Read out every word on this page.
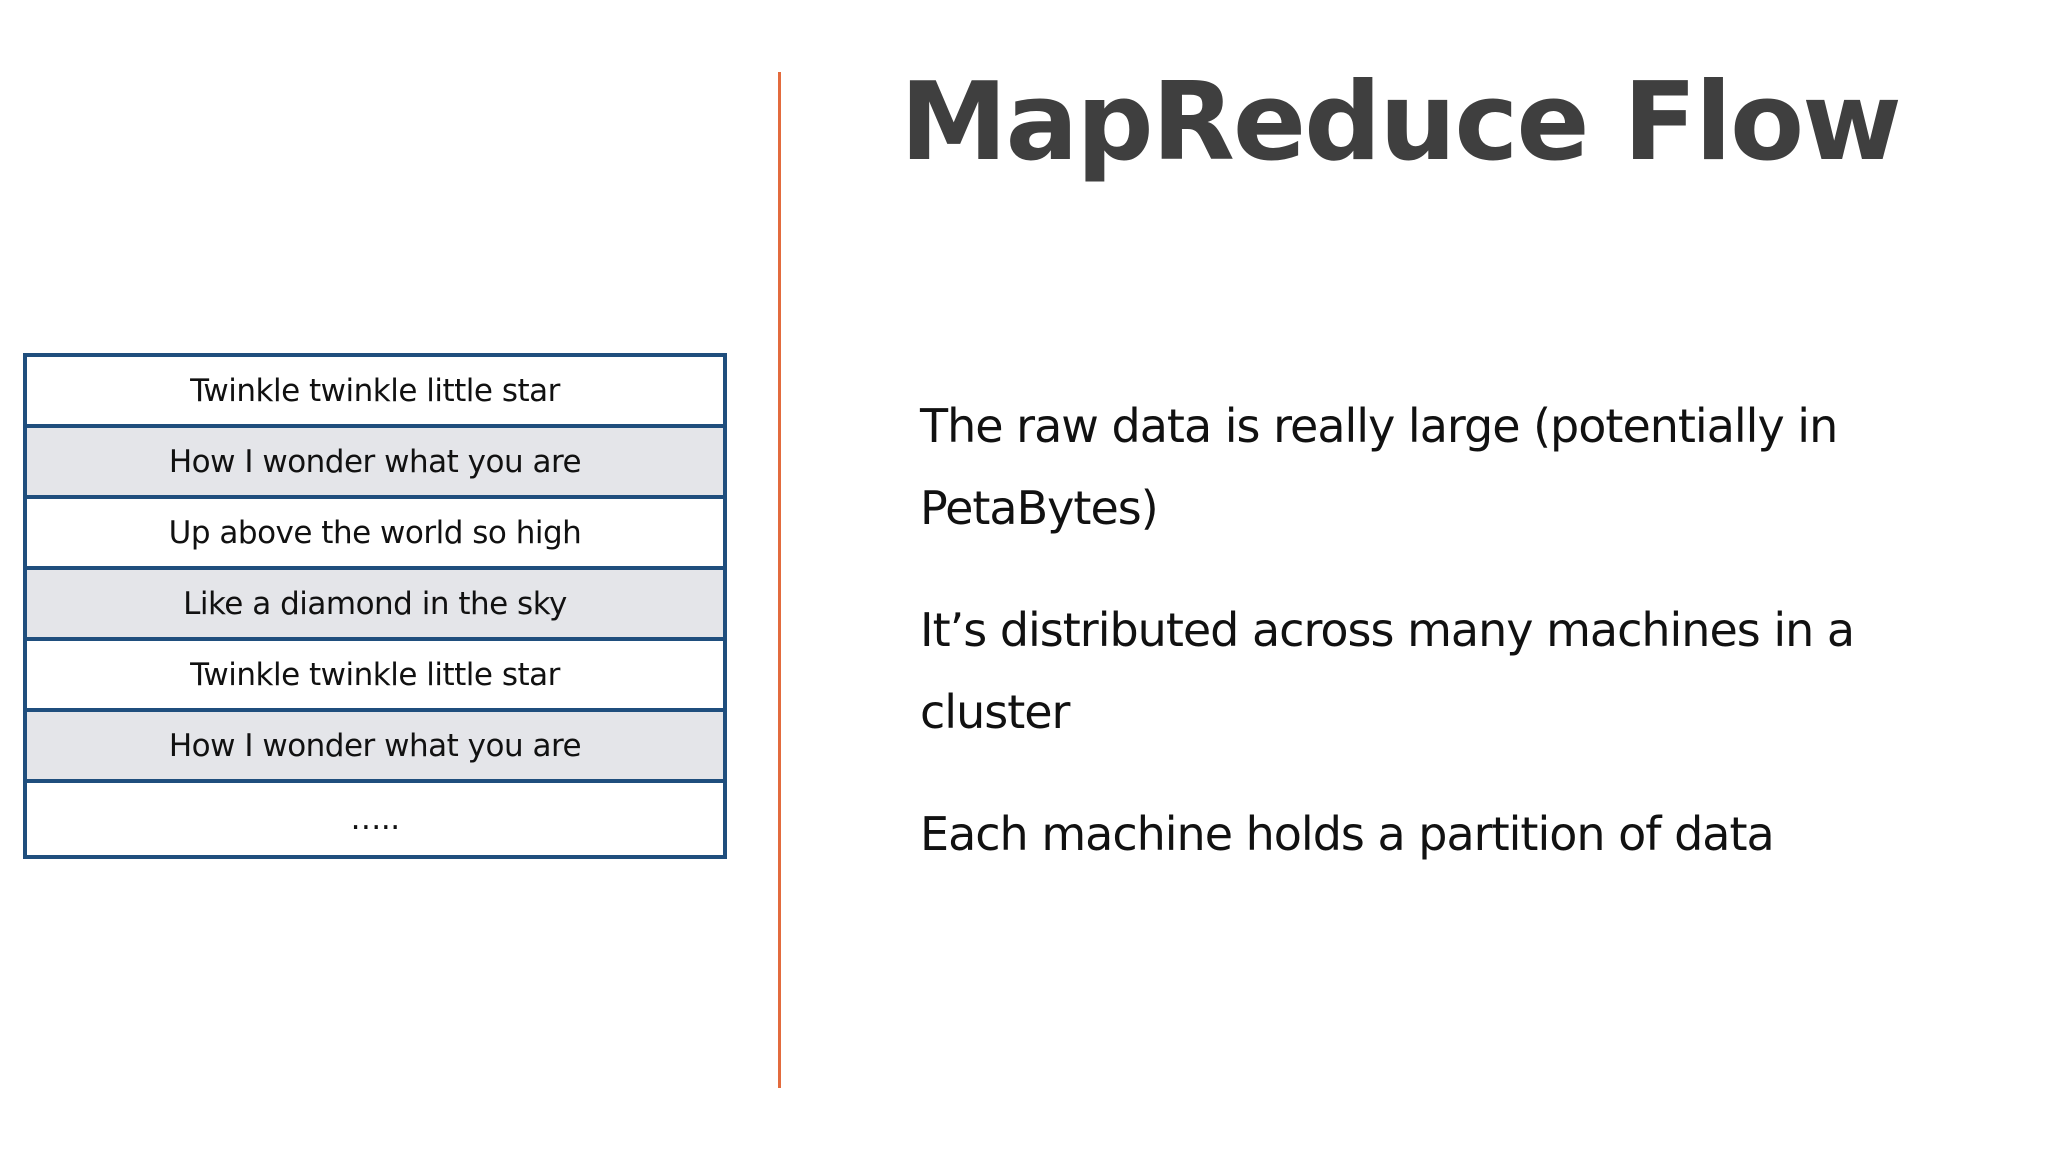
Twinkle twinkle little star
How I wonder what you are
Up above the world so high
Like a diamond in the sky
Twinkle twinkle little star
How I wonder what you are
…..
MapReduce Flow

The raw data is really large (potentially in PetaBytes)

It’s distributed across many machines in a cluster

Each machine holds a partition of data
